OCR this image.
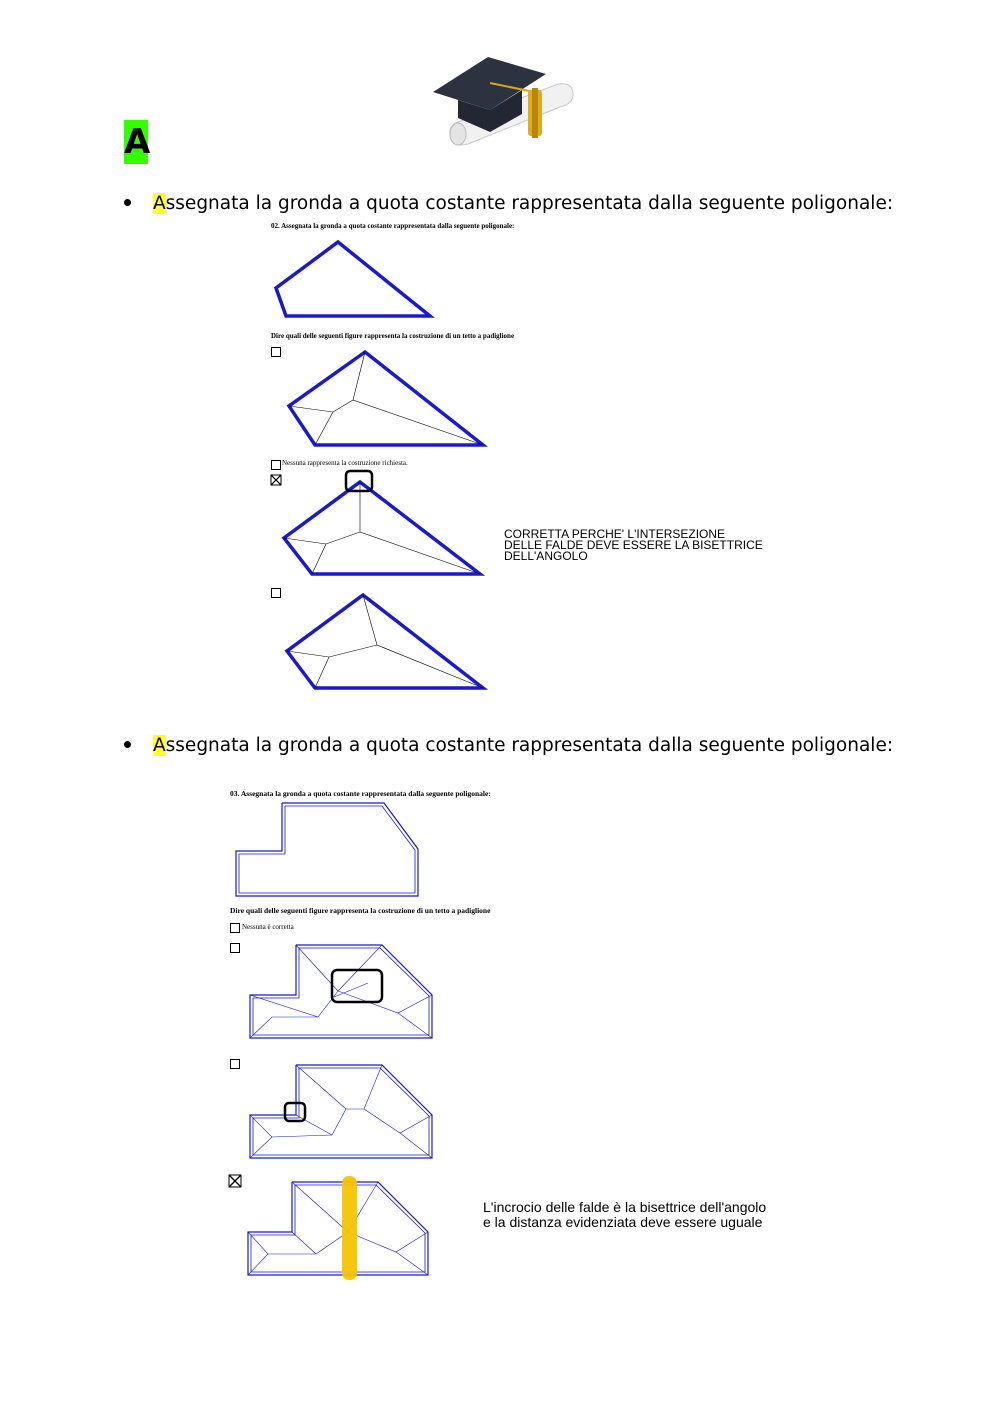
A
Assegnata la gronda a quota costante rappresentata dalla seguente poligonale:
02. Assegnata la gronda a quota costante rappresentata dalla seguente poligonale:
Dire quali delle seguenti figure rappresenta la costruzione di un tetto a padiglione
Nessuna rappresenta la costruzione richiesta.
CORRETTA PERCHE' L'INTERSEZIONE DELLE FALDE DEVE ESSERE LA BISETTRICE DELL'ANGOLO
Assegnata la gronda a quota costante rappresentata dalla seguente poligonale:
03. Assegnata la gronda a quota costante rappresentata dalla seguente poligonale:
Dire quali delle seguenti figure rappresenta la costruzione di un tetto a padiglione
Nessuna è corretta
L'incrocio delle falde è la bisettrice dell'angolo
e la distanza evidenziata deve essere uguale
